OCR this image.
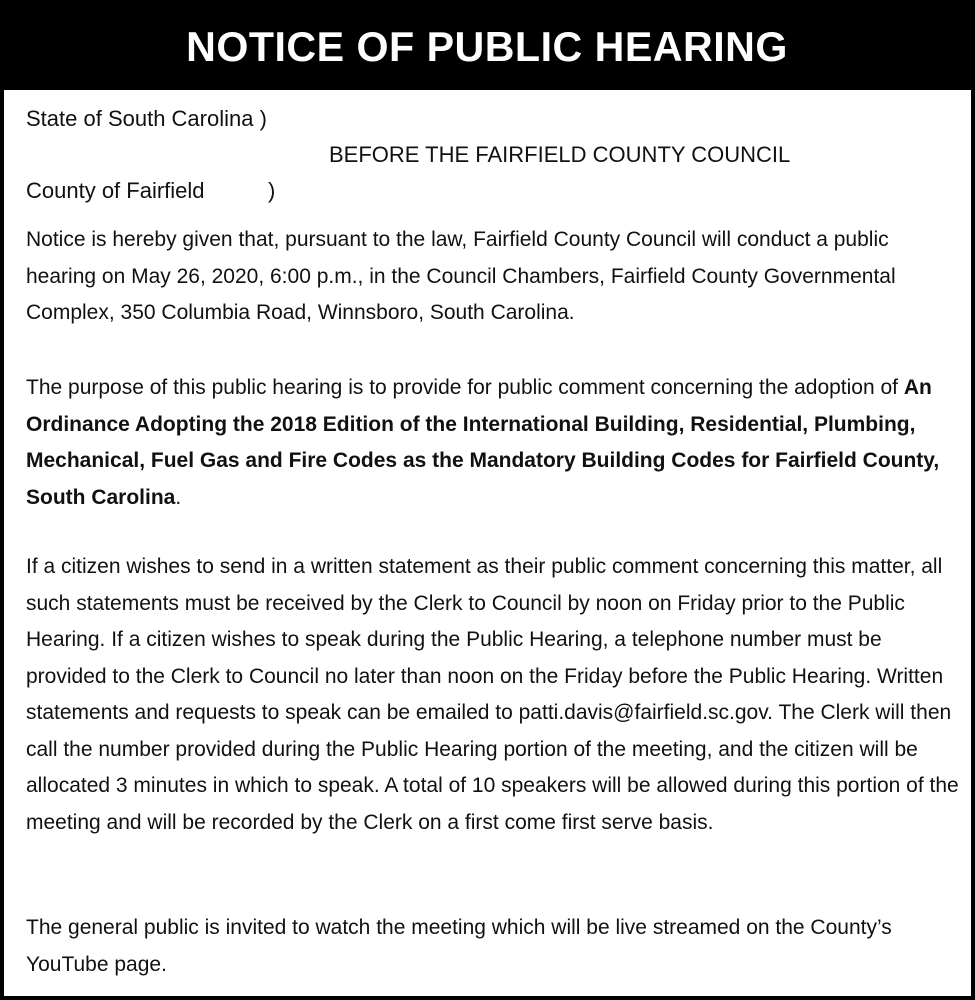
NOTICE OF PUBLIC HEARING
State of South Carolina )
BEFORE THE FAIRFIELD COUNTY COUNCIL
County of Fairfield	)

Notice is hereby given that, pursuant to the law, Fairfield County Council will conduct a public hearing on May 26, 2020, 6:00 p.m., in the Council Chambers, Fairfield County Governmental Complex, 350 Columbia Road, Winnsboro, South Carolina.

The purpose of this public hearing is to provide for public comment concerning the adoption of An Ordinance Adopting the 2018 Edition of the International Building, Residential, Plumbing, Mechanical, Fuel Gas and Fire Codes as the Mandatory Building Codes for Fairfield County, South Carolina.

If a citizen wishes to send in a written statement as their public comment concerning this matter, all such statements must be received by the Clerk to Council by noon on Friday prior to the Public Hearing. If a citizen wishes to speak during the Public Hearing, a telephone number must be provided to the Clerk to Council no later than noon on the Friday before the Public Hearing. Written statements and requests to speak can be emailed to patti.davis@fairfield.sc.gov. The Clerk will then call the number provided during the Public Hearing portion of the meeting, and the citizen will be allocated 3 minutes in which to speak. A total of 10 speakers will be allowed during this portion of the meeting and will be recorded by the Clerk on a first come first serve basis.

The general public is invited to watch the meeting which will be live streamed on the County’s YouTube page.
